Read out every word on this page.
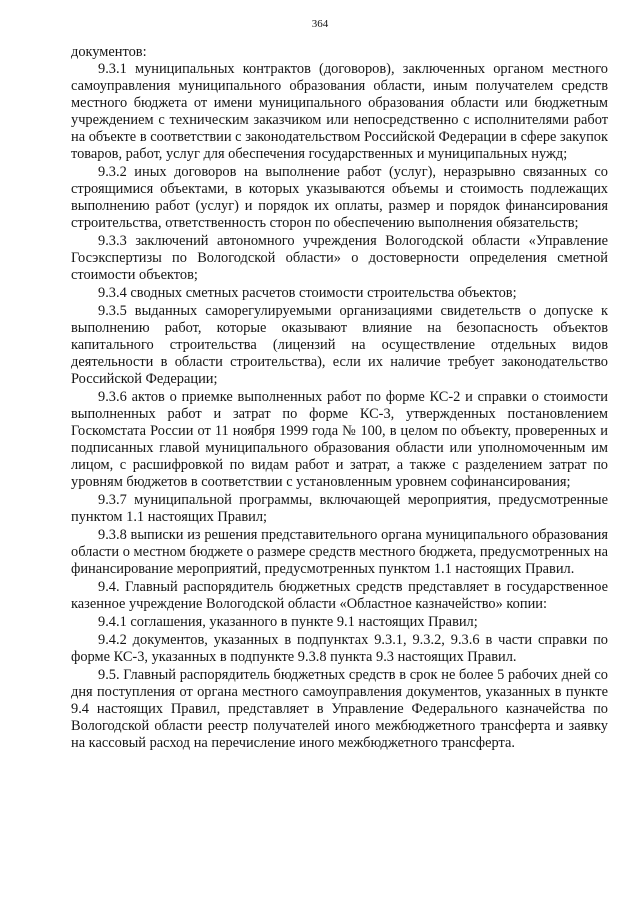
364

документов:

9.3.1 муниципальных контрактов (договоров), заключенных органом местного самоуправления муниципального образования области, иным получателем средств местного бюджета от имени муниципального образования области или бюджетным учреждением с техническим заказчиком или непосредственно с исполнителями работ на объекте в соответствии с законодательством Российской Федерации в сфере закупок товаров, работ, услуг для обеспечения государственных и муниципальных нужд;

9.3.2 иных договоров на выполнение работ (услуг), неразрывно связанных со строящимися объектами, в которых указываются объемы и стоимость подлежащих выполнению работ (услуг) и порядок их оплаты, размер и порядок финансирования строительства, ответственность сторон по обеспечению выполнения обязательств;

9.3.3 заключений автономного учреждения Вологодской области «Управление Госэкспертизы по Вологодской области» о достоверности определения сметной стоимости объектов;

9.3.4 сводных сметных расчетов стоимости строительства объектов;

9.3.5 выданных саморегулируемыми организациями свидетельств о допуске к выполнению работ, которые оказывают влияние на безопасность объектов капитального строительства (лицензий на осуществление отдельных видов деятельности в области строительства), если их наличие требует законодательство Российской Федерации;

9.3.6 актов о приемке выполненных работ по форме КС-2 и справки о стоимости выполненных работ и затрат по форме КС-3, утвержденных постановлением Госкомстата России от 11 ноября 1999 года № 100, в целом по объекту, проверенных и подписанных главой муниципального образования области или уполномоченным им лицом, с расшифровкой по видам работ и затрат, а также с разделением затрат по уровням бюджетов в соответствии с установленным уровнем софинансирования;

9.3.7 муниципальной программы, включающей мероприятия, предусмотренные пунктом 1.1 настоящих Правил;

9.3.8 выписки из решения представительного органа муниципального образования области о местном бюджете о размере средств местного бюджета, предусмотренных на финансирование мероприятий, предусмотренных пунктом 1.1 настоящих Правил.

9.4. Главный распорядитель бюджетных средств представляет в государственное казенное учреждение Вологодской области «Областное казначейство» копии:

9.4.1 соглашения, указанного в пункте 9.1 настоящих Правил;

9.4.2 документов, указанных в подпунктах 9.3.1, 9.3.2, 9.3.6 в части справки по форме КС-3, указанных в подпункте 9.3.8 пункта 9.3 настоящих Правил.

9.5. Главный распорядитель бюджетных средств в срок не более 5 рабочих дней со дня поступления от органа местного самоуправления документов, указанных в пункте 9.4 настоящих Правил, представляет в Управление Федерального казначейства по Вологодской области реестр получателей иного межбюджетного трансферта и заявку на кассовый расход на перечисление иного межбюджетного трансферта.
